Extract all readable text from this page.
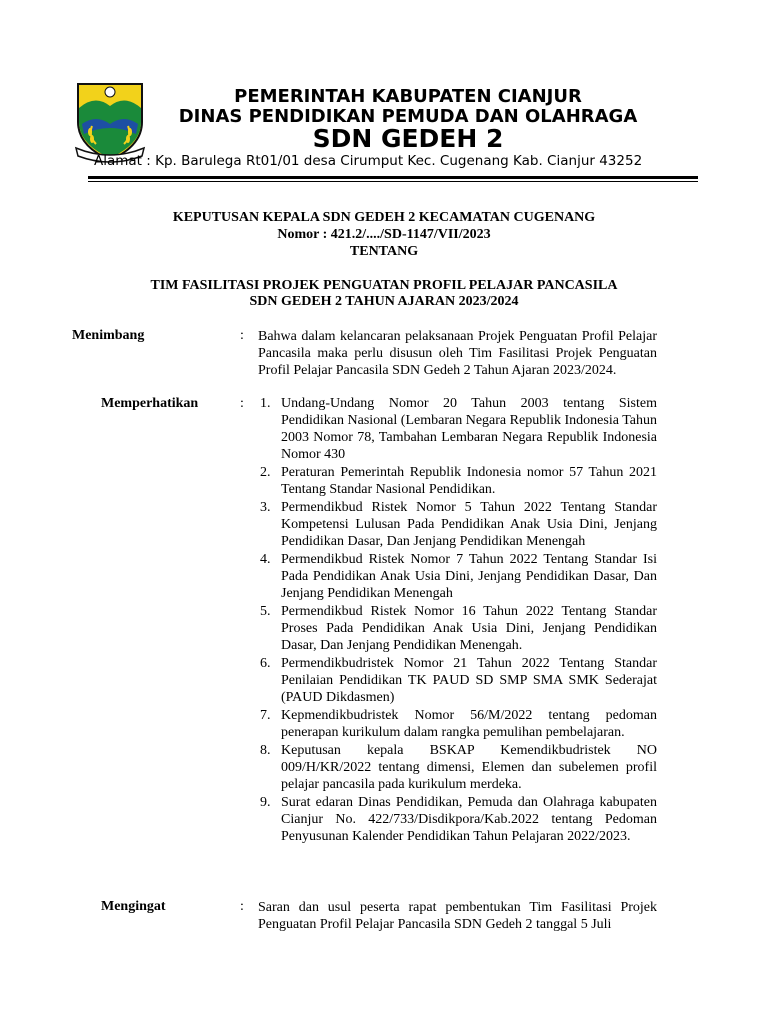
PEMERINTAH KABUPATEN CIANJUR
DINAS PENDIDIKAN PEMUDA DAN OLAHRAGA
SDN GEDEH 2
Alamat : Kp. Barulega Rt01/01 desa Cirumput Kec. Cugenang Kab. Cianjur 43252
KEPUTUSAN KEPALA SDN GEDEH 2 KECAMATAN CUGENANG
Nomor : 421.2/..../SD-1147/VII/2023
TENTANG
TIM FASILITASI PROJEK PENGUATAN PROFIL PELAJAR PANCASILA
SDN GEDEH 2 TAHUN AJARAN 2023/2024
Menimbang	: Bahwa dalam kelancaran pelaksanaan Projek Penguatan Profil Pelajar Pancasila maka perlu disusun oleh Tim Fasilitasi Projek Penguatan Profil Pelajar Pancasila SDN Gedeh 2 Tahun Ajaran 2023/2024.

Memperhatikan	: 1. Undang-Undang Nomor 20 Tahun 2003 tentang Sistem Pendidikan Nasional (Lembaran Negara Republik Indonesia Tahun 2003 Nomor 78, Tambahan Lembaran Negara Republik Indonesia Nomor 430
2. Peraturan Pemerintah Republik Indonesia nomor 57 Tahun 2021 Tentang Standar Nasional Pendidikan.
3. Permendikbud Ristek Nomor 5 Tahun 2022 Tentang Standar Kompetensi Lulusan Pada Pendidikan Anak Usia Dini, Jenjang Pendidikan Dasar, Dan Jenjang Pendidikan Menengah
4. Permendikbud Ristek Nomor 7 Tahun 2022 Tentang Standar Isi Pada Pendidikan Anak Usia Dini, Jenjang Pendidikan Dasar, Dan Jenjang Pendidikan Menengah
5. Permendikbud Ristek Nomor 16 Tahun 2022 Tentang Standar Proses Pada Pendidikan Anak Usia Dini, Jenjang Pendidikan Dasar, Dan Jenjang Pendidikan Menengah.
6. Permendikbudristek Nomor 21 Tahun 2022 Tentang Standar Penilaian Pendidikan TK PAUD SD SMP SMA SMK Sederajat (PAUD Dikdasmen)
7. Kepmendikbudristek Nomor 56/M/2022 tentang pedoman penerapan kurikulum dalam rangka pemulihan pembelajaran.
8. Keputusan kepala BSKAP Kemendikbudristek NO 009/H/KR/2022 tentang dimensi, Elemen dan subelemen profil pelajar pancasila pada kurikulum merdeka.
9. Surat edaran Dinas Pendidikan, Pemuda dan Olahraga kabupaten Cianjur No. 422/733/Disdikpora/Kab.2022 tentang Pedoman Penyusunan Kalender Pendidikan Tahun Pelajaran 2022/2023.
Mengingat	: Saran dan usul peserta rapat pembentukan Tim Fasilitasi Projek Penguatan Profil Pelajar Pancasila SDN Gedeh 2 tanggal 5 Juli
